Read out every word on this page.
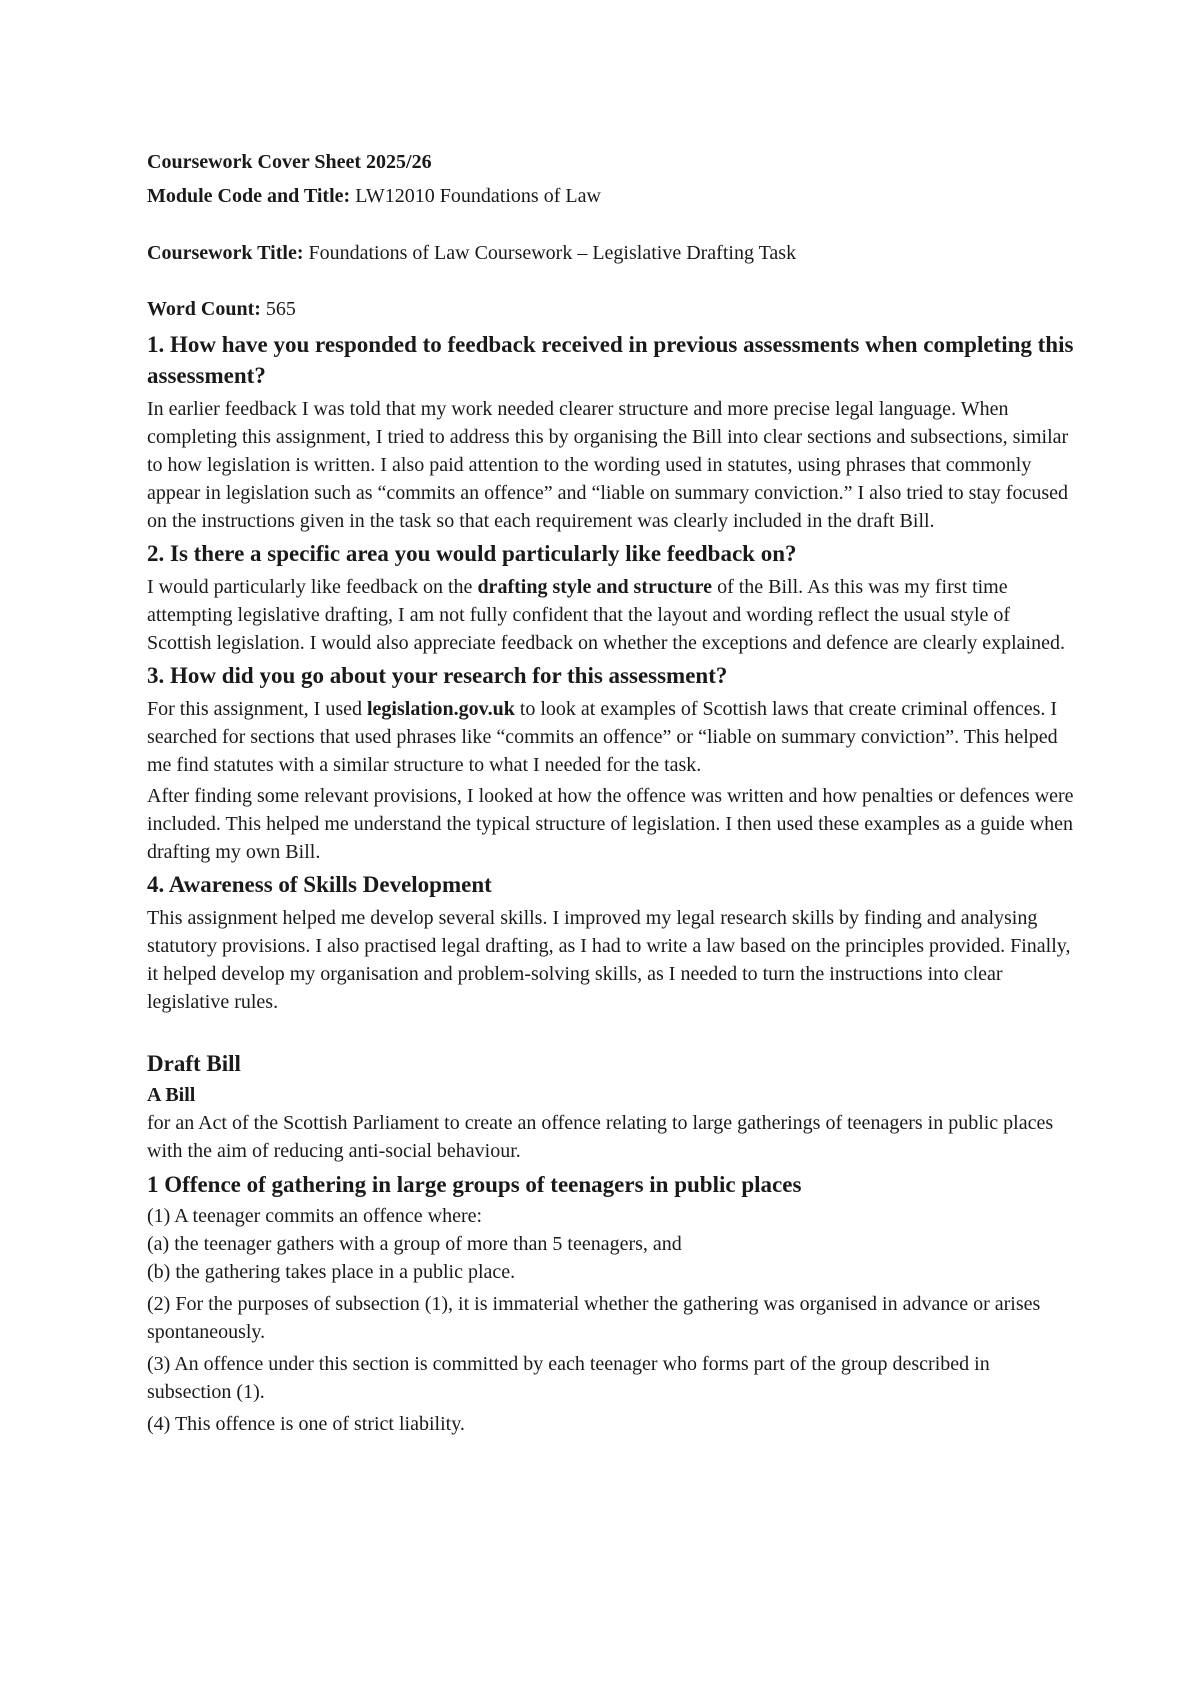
Coursework Cover Sheet 2025/26

Module Code and Title: LW12010 Foundations of Law

Coursework Title: Foundations of Law Coursework – Legislative Drafting Task

Word Count: 565

1. How have you responded to feedback received in previous assessments when completing this assessment?

In earlier feedback I was told that my work needed clearer structure and more precise legal language. When completing this assignment, I tried to address this by organising the Bill into clear sections and subsections, similar to how legislation is written. I also paid attention to the wording used in statutes, using phrases that commonly appear in legislation such as “commits an offence” and “liable on summary conviction.” I also tried to stay focused on the instructions given in the task so that each requirement was clearly included in the draft Bill.

2. Is there a specific area you would particularly like feedback on?

I would particularly like feedback on the drafting style and structure of the Bill. As this was my first time attempting legislative drafting, I am not fully confident that the layout and wording reflect the usual style of Scottish legislation. I would also appreciate feedback on whether the exceptions and defence are clearly explained.

3. How did you go about your research for this assessment?

For this assignment, I used legislation.gov.uk to look at examples of Scottish laws that create criminal offences. I searched for sections that used phrases like “commits an offence” or “liable on summary conviction”. This helped me find statutes with a similar structure to what I needed for the task.

After finding some relevant provisions, I looked at how the offence was written and how penalties or defences were included. This helped me understand the typical structure of legislation. I then used these examples as a guide when drafting my own Bill.

4. Awareness of Skills Development

This assignment helped me develop several skills. I improved my legal research skills by finding and analysing statutory provisions. I also practised legal drafting, as I had to write a law based on the principles provided. Finally, it helped develop my organisation and problem-solving skills, as I needed to turn the instructions into clear legislative rules.

Draft Bill

A Bill

for an Act of the Scottish Parliament to create an offence relating to large gatherings of teenagers in public places with the aim of reducing anti-social behaviour.

1 Offence of gathering in large groups of teenagers in public places

(1) A teenager commits an offence where:

(a) the teenager gathers with a group of more than 5 teenagers, and

(b) the gathering takes place in a public place.

(2) For the purposes of subsection (1), it is immaterial whether the gathering was organised in advance or arises spontaneously.

(3) An offence under this section is committed by each teenager who forms part of the group described in subsection (1).

(4) This offence is one of strict liability.
